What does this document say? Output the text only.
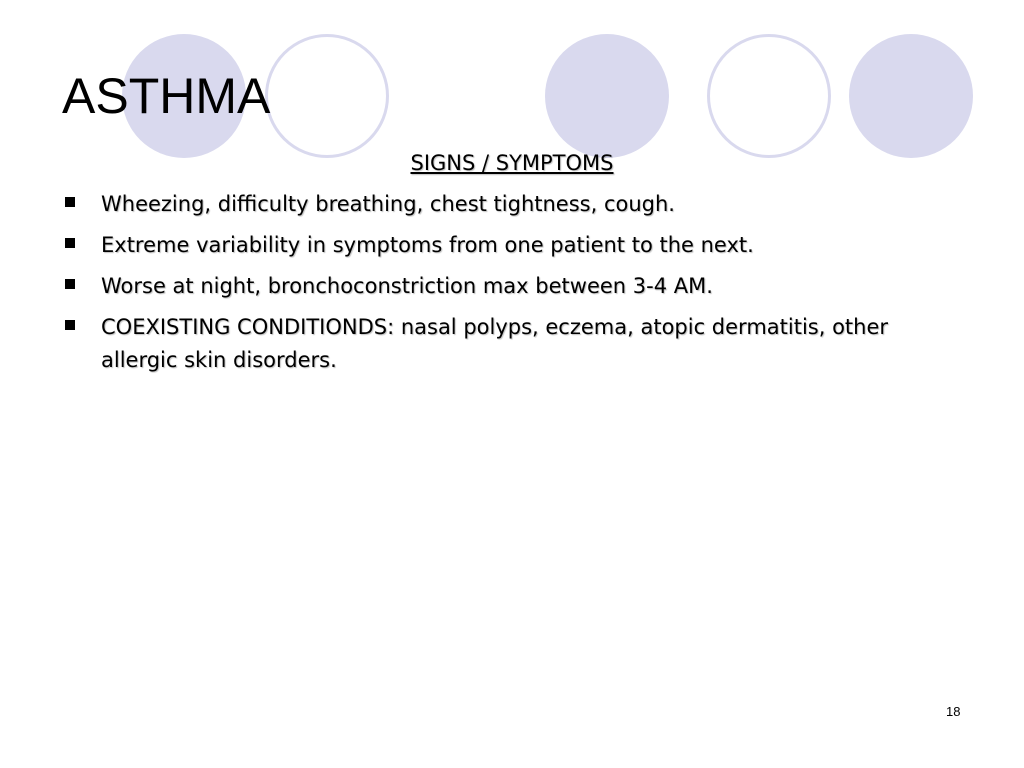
ASTHMA
SIGNS / SYMPTOMS
Wheezing, difficulty breathing, chest tightness, cough.
Extreme variability in symptoms from one patient to the next.
Worse at night, bronchoconstriction max between 3-4 AM.
COEXISTING CONDITIONDS: nasal polyps, eczema, atopic dermatitis, other allergic skin disorders.
18
